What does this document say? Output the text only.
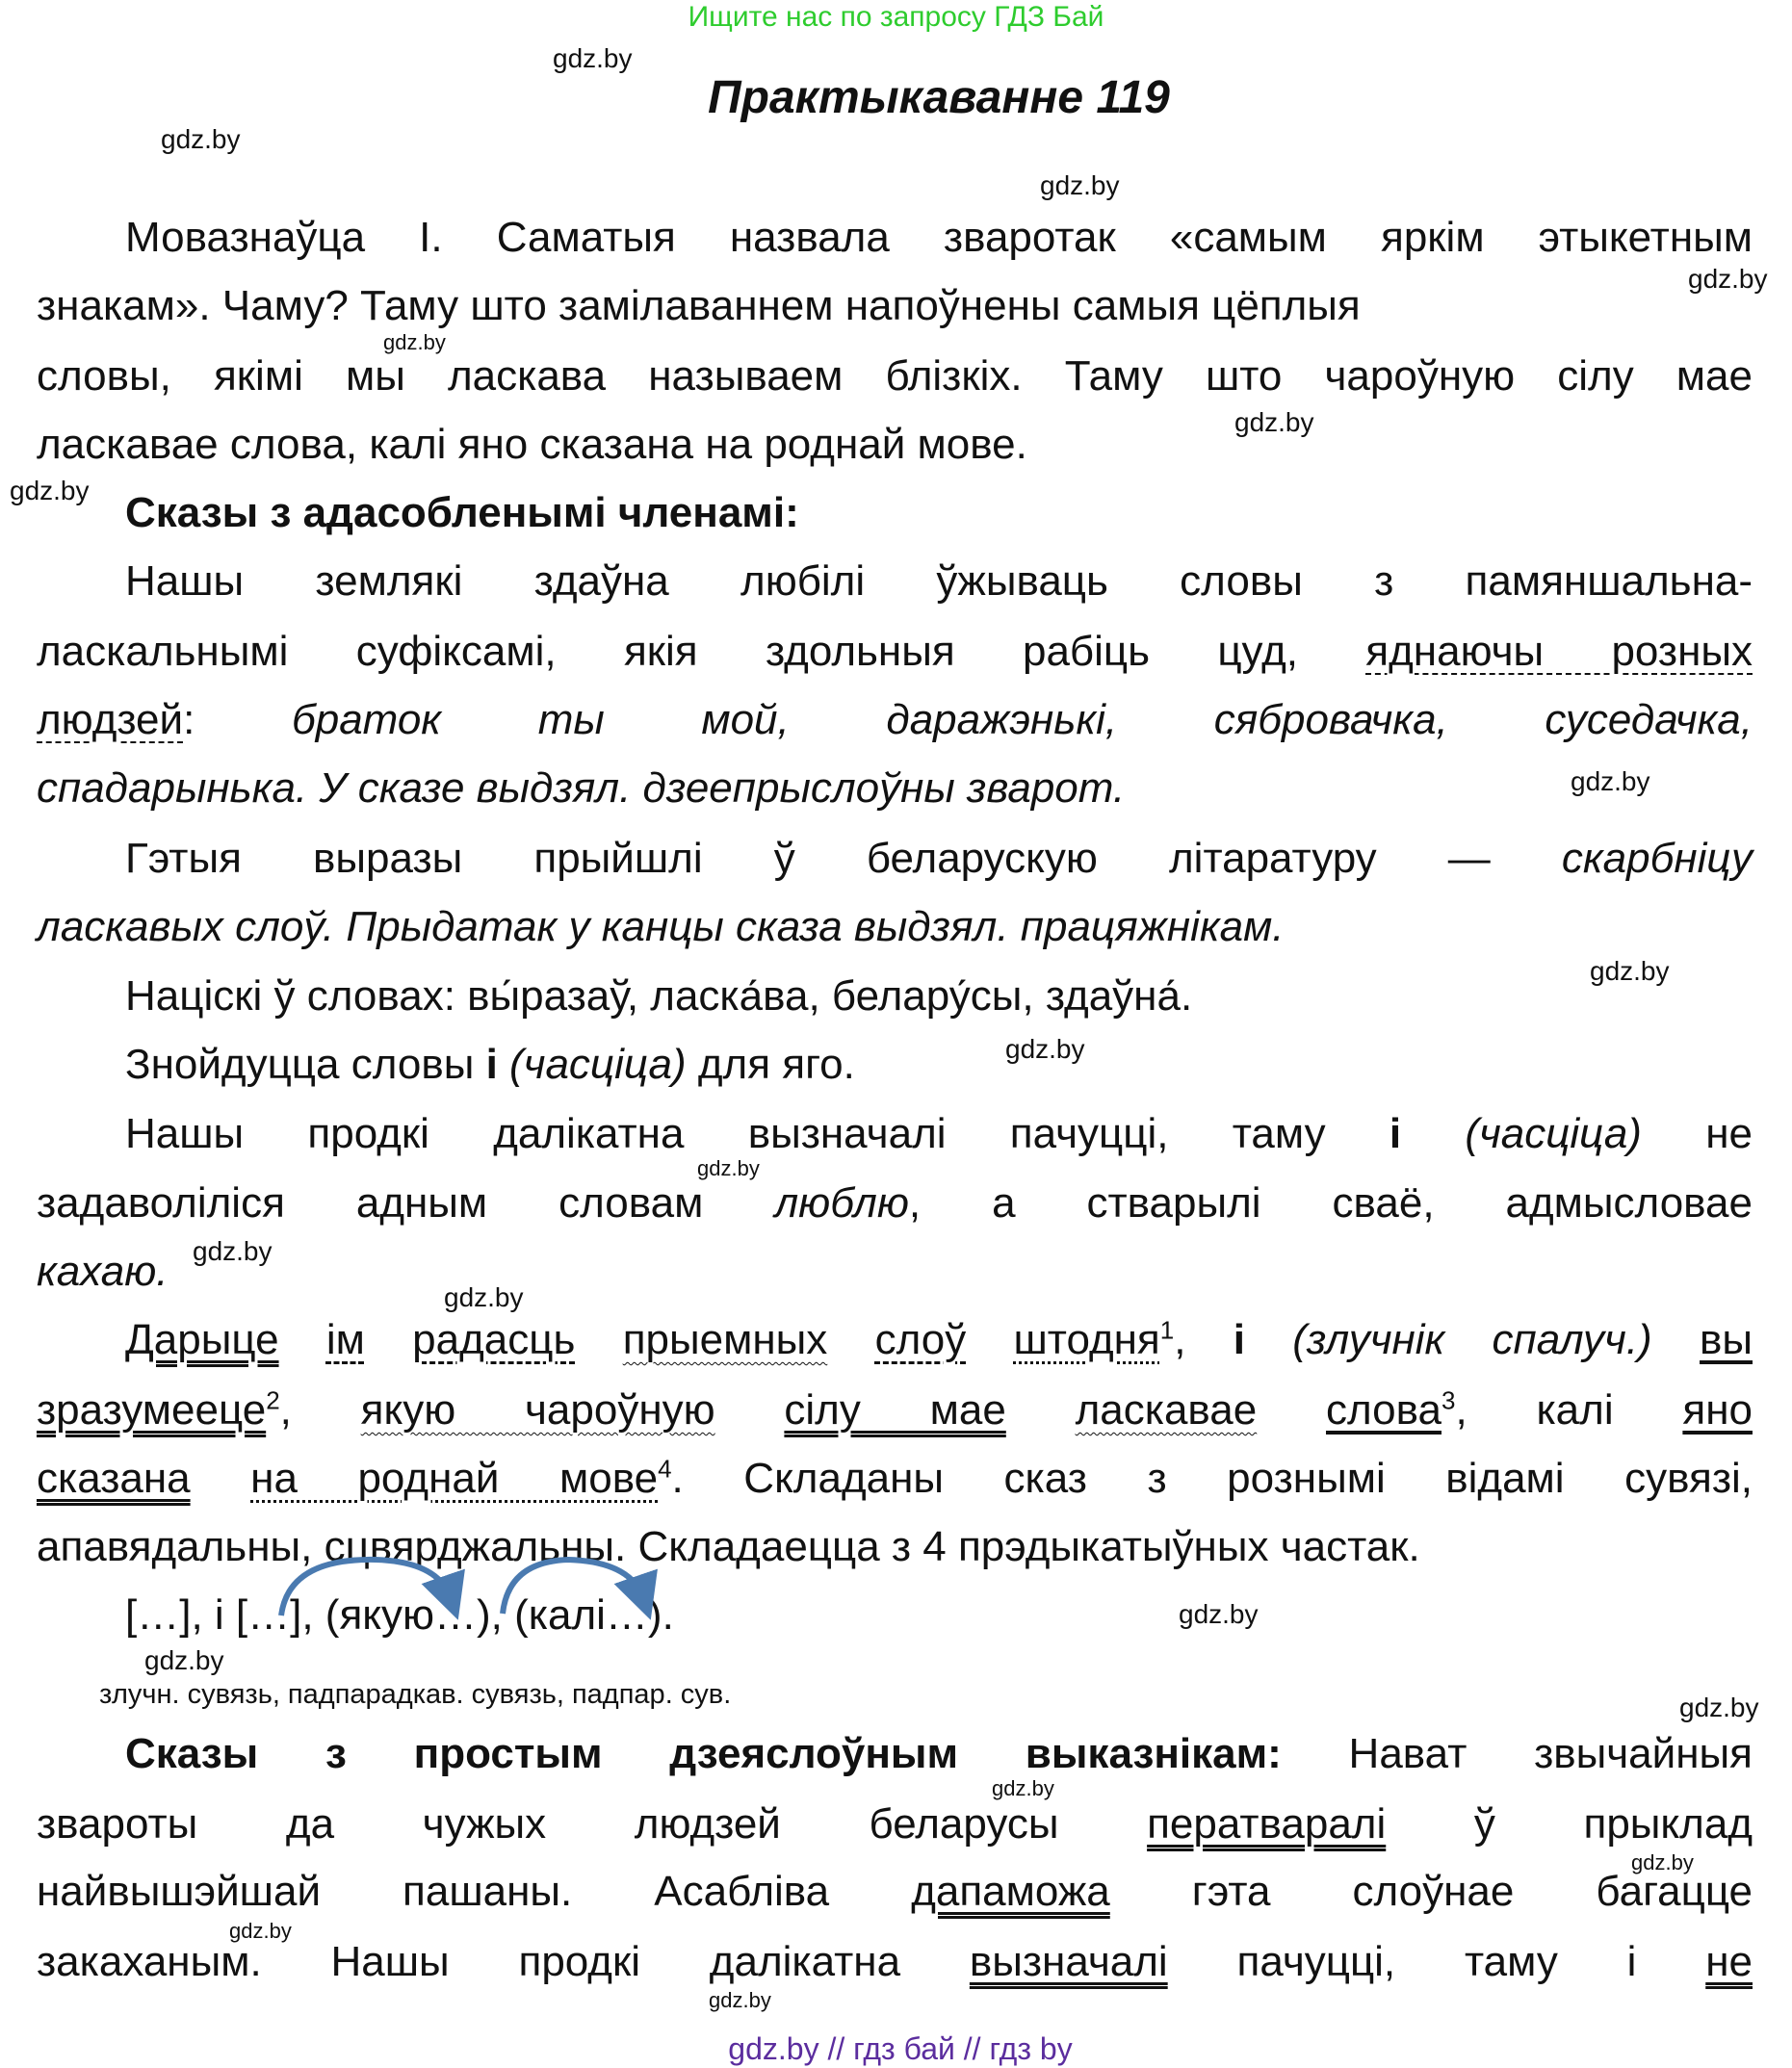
Ищите нас по запросу ГДЗ Бай
Практыкаванне 119
gdz.by
gdz.by
gdz.by
gdz.by
gdz.by
gdz.by
gdz.by
gdz.by
gdz.by
gdz.by
gdz.by
gdz.by
gdz.by
gdz.by
gdz.by
gdz.by
gdz.by
gdz.by
gdz.by
gdz.by
Мовазнаўца І. Саматыя назвала зваротак «самым яркім этыкетным
знакам». Чаму? Таму што замілаваннем напоўнены самыя цёплыя
словы, якімі мы ласкава называем блізкіх. Таму што чароўную сілу мае
ласкавае слова, калі яно сказана на роднай мове.
Сказы з адасобленымі членамі:
Нашы землякі здаўна любілі ўжываць словы з памяншальна-
ласкальнымі суфіксамі, якія здольныя рабіць цуд, яднаючы розных
людзей: браток ты мой, даражэнькі, сябровачка, суседачка,
спадарынька. У сказе выдзял. дзеепрыслоўны зварот.
Гэтыя выразы прыйшлі ў беларускую літаратуру — скарбніцу
ласкавых слоў. Прыдатак у канцы сказа выдзял. працяжнікам.
Націскі ў словах: вы́разаў, ласка́ва, белару́сы, здаўна́.
Знойдуцца словы і (часціца) для яго.
Нашы продкі далікатна вызначалі пачуцці, таму і (часціца) не
задаволіліся адным словам люблю, а стварылі сваё, адмысловае
кахаю.
Дарыце ім радасць прыемных слоў штодня$^1$, і (злучнік спалуч.) вы
зразумееце$^2$, якую чароўную сілу мае ласкавае слова$^3$, калі яно
сказана на роднай мове$^4$. Складаны сказ з рознымі відамі сувязі,
апавядальны, сцвярджальны. Складаецца з 4 прэдыкатыўных частак.
[…], і […], (якую…), (калі…).
злучн. сувязь, падпарадкав. сувязь, падпар. сув.
Сказы з простым дзеяслоўным выказнікам: Нават звычайныя
звароты да чужых людзей беларусы ператваралі ў прыклад
найвышэйшай пашаны. Асабліва дапаможа гэта слоўнае багацце
закаханым. Нашы продкі далікатна вызначалі пачуцці, таму і не
gdz.by // гдз бай // гдз by
